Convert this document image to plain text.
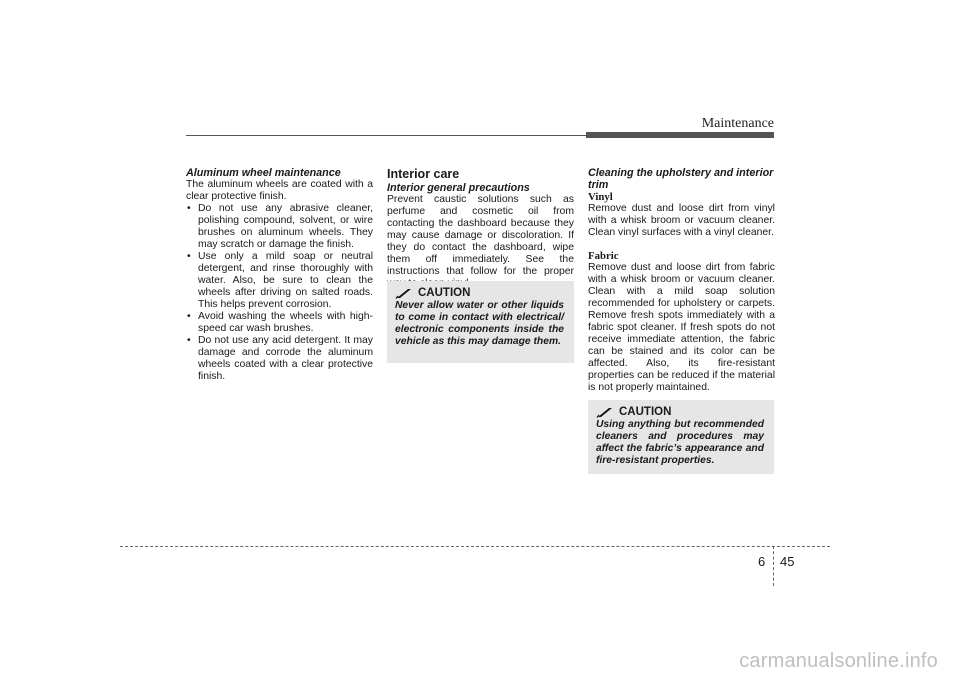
Maintenance
Aluminum wheel maintenance

The aluminum wheels are coated with a clear protective finish.

• Do not use any abrasive cleaner, polishing compound, solvent, or wire brushes on aluminum wheels. They may scratch or damage the finish.
• Use only a mild soap or neutral detergent, and rinse thoroughly with water. Also, be sure to clean the wheels after driving on salted roads. This helps prevent corrosion.
• Avoid washing the wheels with high-speed car wash brushes.
• Do not use any acid detergent. It may damage and corrode the aluminum wheels coated with a clear protective finish.
Interior care
Interior general precautions

Prevent caustic solutions such as perfume and cosmetic oil from contacting the dashboard because they may cause damage or discoloration. If they do contact the dashboard, wipe them off immediately. See the instructions that follow for the proper

CAUTION
Never allow water or other liquids to come in contact with electrical/ electronic components inside the vehicle as this may damage them.
Cleaning the upholstery and interior trim
Vinyl

Remove dust and loose dirt from vinyl with a whisk broom or vacuum cleaner. Clean vinyl surfaces with a vinyl cleaner.

Fabric

Remove dust and loose dirt from fabric with a whisk broom or vacuum cleaner. Clean with a mild soap solution recommended for upholstery or carpets. Remove fresh spots immediately with a fabric spot cleaner. If fresh spots do not receive immediate attention, the fabric can be stained and its color can be affected. Also, its fire-resistant properties can be reduced if the material is not properly maintained.

CAUTION
Using anything but recommended cleaners and procedures may affect the fabric’s appearance and fire-resistant properties.
6 45
carmanualsonline.info
